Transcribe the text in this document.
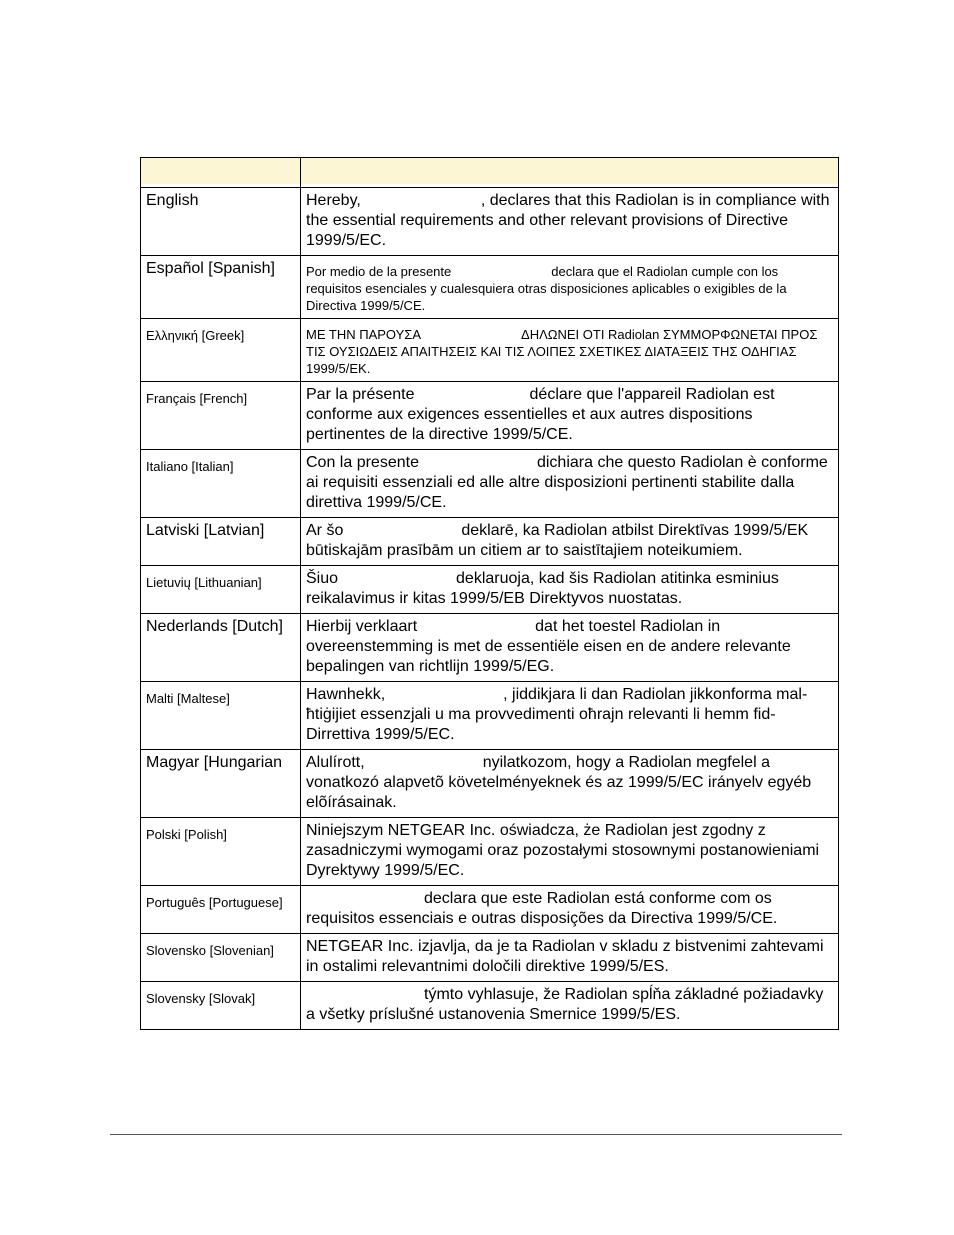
English	Hereby, , declares that this Radiolan is in compliance with the essential requirements and other relevant provisions of Directive 1999/5/EC.
Español [Spanish]	Por medio de la presente declara que el Radiolan cumple con los requisitos esenciales y cualesquiera otras disposiciones aplicables o exigibles de la Directiva 1999/5/CE.
Ελληνική [Greek]	ΜΕ ΤΗΝ ΠΑΡΟΥΣΑ ΔΗΛΩΝΕΙ ΟΤΙ Radiolan ΣΥΜΜΟΡΦΩΝΕΤΑΙ ΠΡΟΣ ΤΙΣ ΟΥΣΙΩΔΕΙΣ ΑΠΑΙΤΗΣΕΙΣ ΚΑΙ ΤΙΣ ΛΟΙΠΕΣ ΣΧΕΤΙΚΕΣ ΔΙΑΤΑΞΕΙΣ ΤΗΣ ΟΔΗΓΙΑΣ 1999/5/ΕΚ.
Français [French]	Par la présente déclare que l'appareil Radiolan est conforme aux exigences essentielles et aux autres dispositions pertinentes de la directive 1999/5/CE.
Italiano [Italian]	Con la presente dichiara che questo Radiolan è conforme ai requisiti essenziali ed alle altre disposizioni pertinenti stabilite dalla direttiva 1999/5/CE.
Latviski [Latvian]	Ar šo deklarē, ka Radiolan atbilst Direktīvas 1999/5/EK būtiskajām prasībām un citiem ar to saistītajiem noteikumiem.
Lietuvių [Lithuanian]	Šiuo deklaruoja, kad šis Radiolan atitinka esminius reikalavimus ir kitas 1999/5/EB Direktyvos nuostatas.
Nederlands [Dutch]	Hierbij verklaart dat het toestel Radiolan in overeenstemming is met de essentiële eisen en de andere relevante bepalingen van richtlijn 1999/5/EG.
Malti [Maltese]	Hawnhekk, , jiddikjara li dan Radiolan jikkonforma mal-ħtiġijiet essenzjali u ma provvedimenti oħrajn relevanti li hemm fid-Dirrettiva 1999/5/EC.
Magyar [Hungarian	Alulírott, nyilatkozom, hogy a Radiolan megfelel a vonatkozó alapvetõ követelményeknek és az 1999/5/EC irányelv egyéb elõírásainak.
Polski [Polish]	Niniejszym NETGEAR Inc. oświadcza, że Radiolan jest zgodny z zasadniczymi wymogami oraz pozostałymi stosownymi postanowieniami Dyrektywy 1999/5/EC.
Português [Portuguese]	declara que este Radiolan está conforme com os requisitos essenciais e outras disposições da Directiva 1999/5/CE.
Slovensko [Slovenian]	NETGEAR Inc. izjavlja, da je ta Radiolan v skladu z bistvenimi zahtevami in ostalimi relevantnimi določili direktive 1999/5/ES.
Slovensky [Slovak]	týmto vyhlasuje, že Radiolan spĺňa základné požiadavky a všetky príslušné ustanovenia Smernice 1999/5/ES.
